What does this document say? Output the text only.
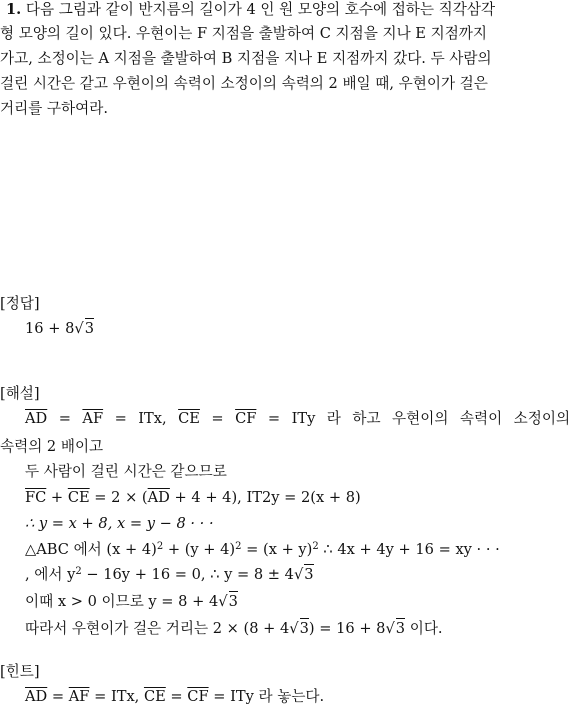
1. 다음 그림과 같이 반지름의 길이가 4 인 원 모양의 호수에 접하는 직각삼각
형 모양의 길이 있다. 우현이는 F 지점을 출발하여 C 지점을 지나 E 지점까지
가고, 소정이는 A 지점을 출발하여 B 지점을 지나 E 지점까지 갔다. 두 사람의
걸린 시간은 같고 우현이의 속력이 소정이의 속력의 2 배일 때, 우현이가 걸은
거리를 구하여라.
[정답]
16 + 8√3
[해설]
$\overline{AD} = \overline{AF}$ = ITx, $\overline{CE} = \overline{CF}$ = ITy 라 하고 우현이의 속력이 소정이의
속력의 2 배이고
두 사람이 걸린 시간은 같으므로
$\overline{FC} + \overline{CE} = 2 \times (\overline{AD} + 4 + 4)$, IT2y = 2(x + 8)
∴ y = x + 8, x = y − 8 · · ·
△ABC 에서 $(x + 4)^2 + (y + 4)^2 = (x + y)^2$ ∴ 4x + 4y + 16 = xy · · ·
, 에서 $y^2 - 16y + 16 = 0$, ∴ y = 8 ± 4√3
이때 x > 0 이므로 y = 8 + 4√3
따라서 우현이가 걸은 거리는 2 × (8 + 4√3) = 16 + 8√3 이다.
[힌트]
$\overline{AD} = \overline{AF}$ = ITx, $\overline{CE} = \overline{CF}$ = ITy 라 놓는다.
